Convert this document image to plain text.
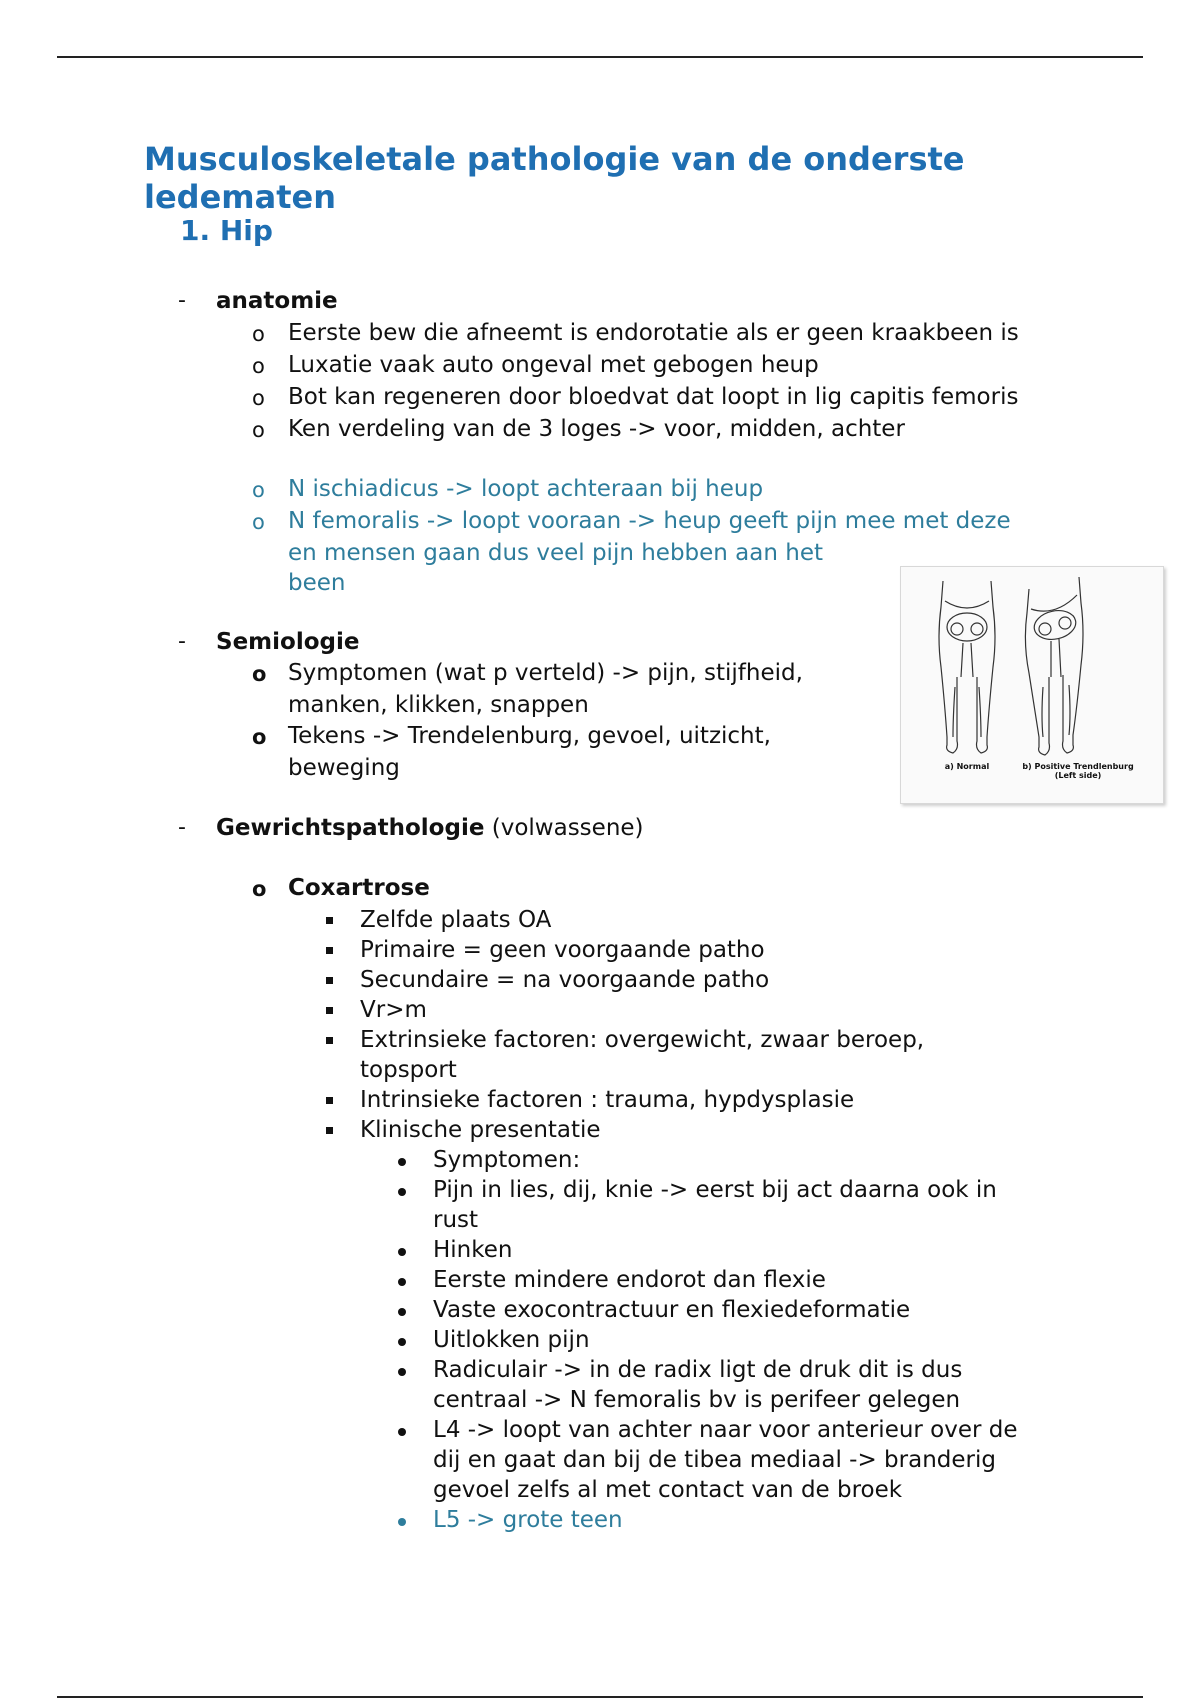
Musculoskeletale pathologie van de onderste ledematen
1. Hip
- anatomie
o Eerste bew die afneemt is endorotatie als er geen kraakbeen is
o Luxatie vaak auto ongeval met gebogen heup
o Bot kan regeneren door bloedvat dat loopt in lig capitis femoris
o Ken verdeling van de 3 loges -> voor, midden, achter
o N ischiadicus -> loopt achteraan bij heup
o N femoralis -> loopt vooraan -> heup geeft pijn mee met deze
en mensen gaan dus veel pijn hebben aan het
been
- Semiologie
o Symptomen (wat p verteld) -> pijn, stijfheid,
manken, klikken, snappen
o Tekens -> Trendelenburg, gevoel, uitzicht,
beweging	a) Normal	b) Positive Trendlenburg
(Left side)
- Gewrichtspathologie (volwassene)
o Coxartrose
Zelfde plaats OA
Primaire = geen voorgaande patho
Secundaire = na voorgaande patho
Vr>m
Extrinsieke factoren: overgewicht, zwaar beroep,
topsport
Intrinsieke factoren : trauma, hypdysplasie
Klinische presentatie
Symptomen:
Pijn in lies, dij, knie -> eerst bij act daarna ook in
rust
Hinken
Eerste mindere endorot dan flexie
Vaste exocontractuur en flexiedeformatie
Uitlokken pijn
Radiculair -> in de radix ligt de druk dit is dus
centraal -> N femoralis bv is perifeer gelegen
L4 -> loopt van achter naar voor anterieur over de
dij en gaat dan bij de tibea mediaal -> branderig
gevoel zelfs al met contact van de broek
L5 -> grote teen
